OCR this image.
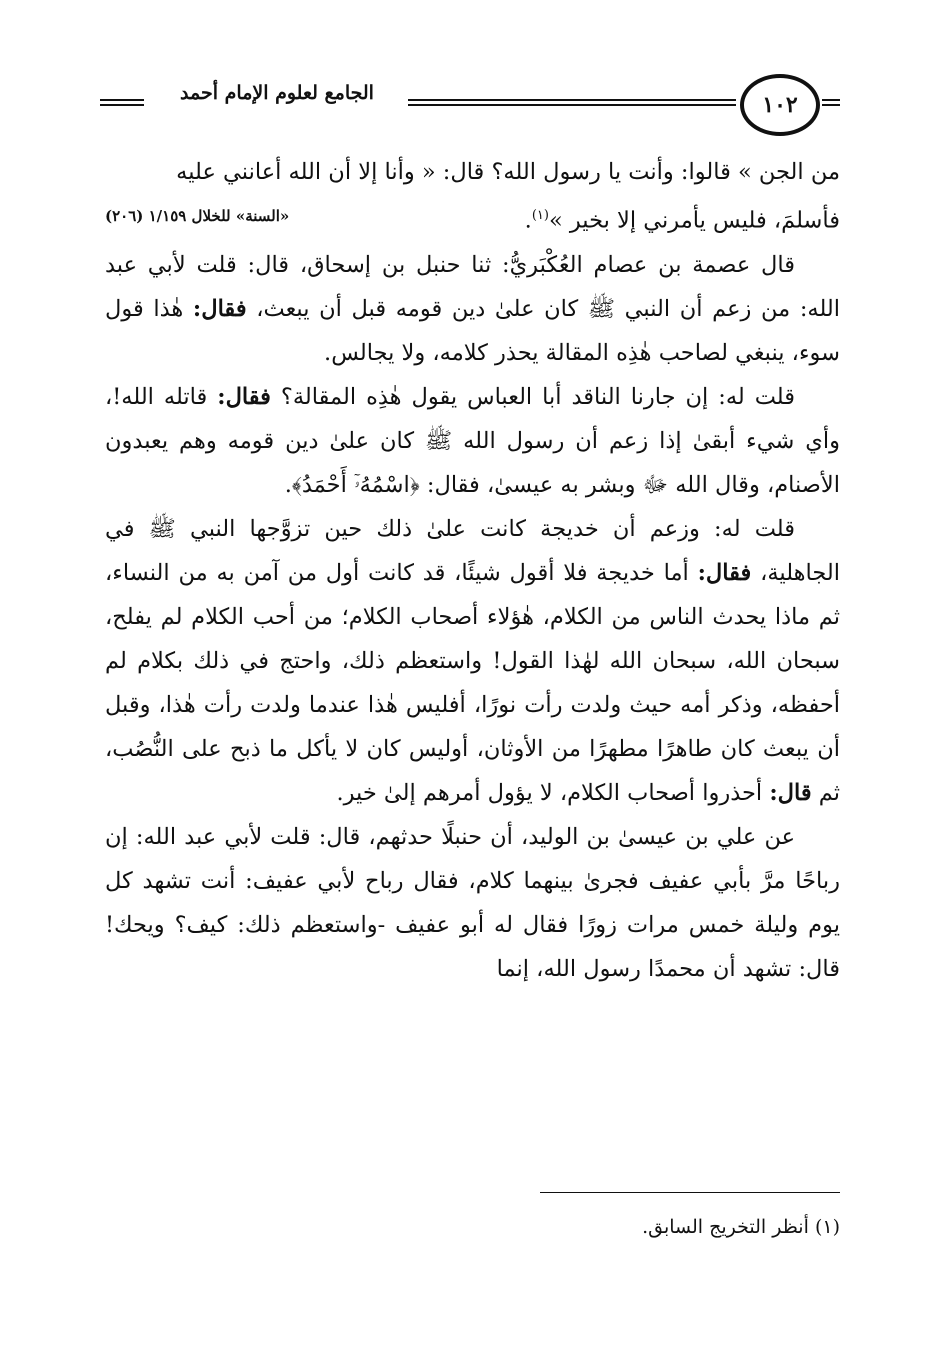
الجامع لعلوم الإمام أحمد	١٠٢

من الجن » قالوا: وأنت يا رسول الله؟ قال: « وأنا إلا أن الله أعانني عليه
فأسلمَ، فليس يأمرني إلا بخير »$^{(١)}$.
«السنة» للخلال ١/١٥٩ (٢٠٦)

قال عصمة بن عصام العُكْبَريُّ: ثنا حنبل بن إسحاق، قال: قلت لأبي عبد الله: من زعم أن النبي ﷺ كان علىٰ دين قومه قبل أن يبعث، فقال: هٰذا قول سوء، ينبغي لصاحب هٰذِه المقالة يحذر كلامه، ولا يجالس.

قلت له: إن جارنا الناقد أبا العباس يقول هٰذِه المقالة؟ فقال: قاتله الله!، وأي شيء أبقىٰ إذا زعم أن رسول الله ﷺ كان علىٰ دين قومه وهم يعبدون الأصنام، وقال الله ﷻ وبشر به عيسىٰ، فقال: ﴿اسْمُهُۥٓ أَحْمَدُ﴾.

قلت له: وزعم أن خديجة كانت علىٰ ذلك حين تزوَّجها النبي ﷺ في الجاهلية، فقال: أما خديجة فلا أقول شيئًا، قد كانت أول من آمن به من النساء، ثم ماذا يحدث الناس من الكلام، هٰؤلاء أصحاب الكلام؛ من أحب الكلام لم يفلح، سبحان الله، سبحان الله لهٰذا القول! واستعظم ذلك، واحتج في ذلك بكلام لم أحفظه، وذكر أمه حيث ولدت رأت نورًا، أفليس هٰذا عندما ولدت رأت هٰذا، وقبل أن يبعث كان طاهرًا مطهرًا من الأوثان، أوليس كان لا يأكل ما ذبح على النُّصُب، ثم قال: أحذروا أصحاب الكلام، لا يؤول أمرهم إلىٰ خير.

عن علي بن عيسىٰ بن الوليد، أن حنبلًا حدثهم، قال: قلت لأبي عبد الله: إن رباحًا مرَّ بأبي عفيف فجرىٰ بينهما كلام، فقال رباح لأبي عفيف: أنت تشهد كل يوم وليلة خمس مرات زورًا فقال له أبو عفيف -واستعظم ذلك: كيف؟ ويحك! قال: تشهد أن محمدًا رسول الله، إنما

(١) أنظر التخريج السابق.
